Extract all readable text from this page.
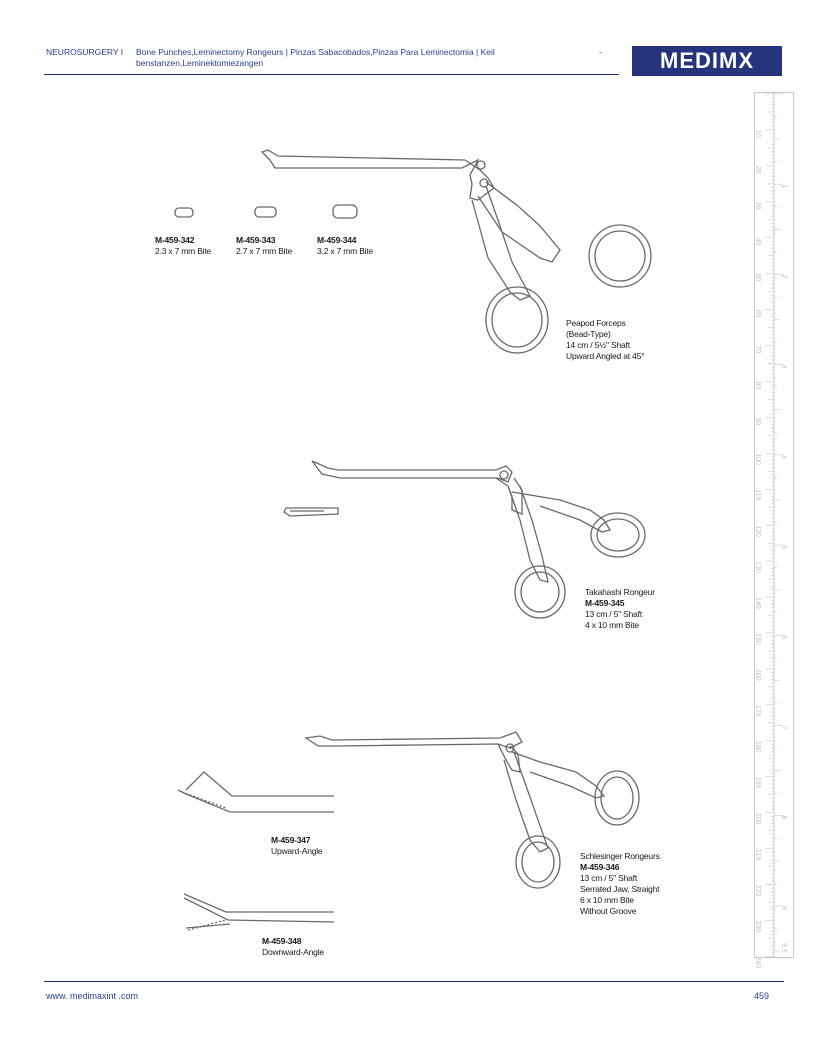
NEUROSURGERY I Bone Punches,Leminectomy Rongeurs | Pinzas Sabacobados,Pinzas Para Leminectomia | Keil benstanzen,Leminektomiezangen
-	MEDIMX
10
20
30
40
50
60
70
80
90
100
110
120
130
140
150
160
170
180
190
200
210
220
230
240
1
2
3
4
5
6
7
8
9
9.5
M-459-342
2.3 x 7 mm Bite
M-459-343
2.7 x 7 mm Bite
M-459-344
3.2 x 7 mm Bite
Peapod Forceps
(Bead-Type)
14 cm / 5½" Shaft
Upward Angled at 45°
Takahashi Rongeur
M-459-345
13 cm / 5" Shaft
4 x 10 mm Bite
Schlesinger Rongeurs
M-459-346
13 cm / 5" Shaft
Serrated Jaw, Straight
6 x 10 mm Bite
Without Groove
M-459-347
Upward-Angle
M-459-348
Downward-Angle
www. medimaxint .com	459
